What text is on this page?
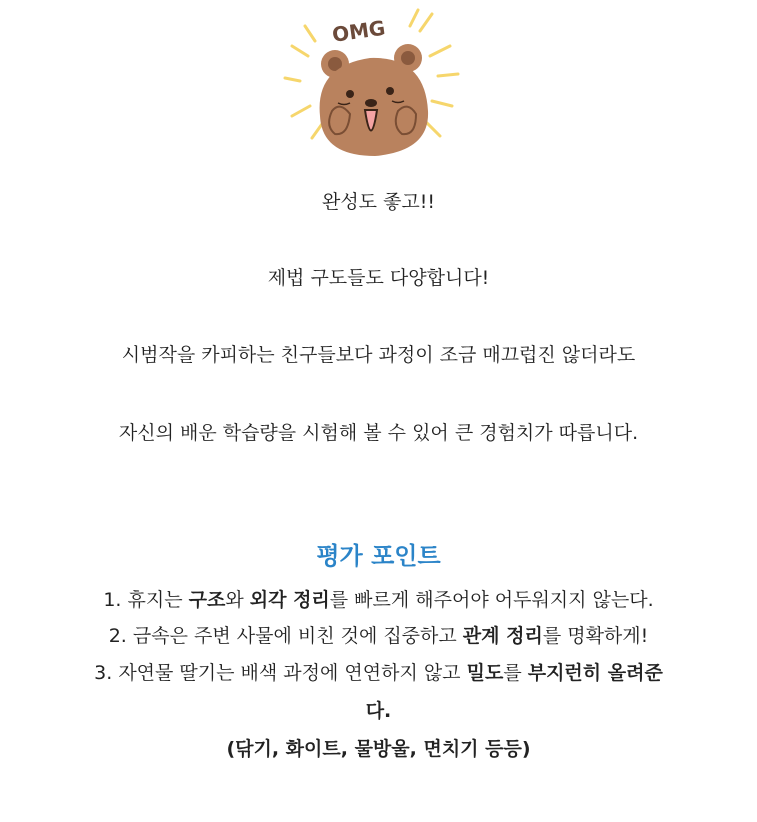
OMG
완성도 좋고!!
제법 구도들도 다양합니다!
시범작을 카피하는 친구들보다 과정이 조금 매끄럽진 않더라도
자신의 배운 학습량을 시험해 볼 수 있어 큰 경험치가 따릅니다.
평가 포인트
1. 휴지는 구조와 외각 정리를 빠르게 해주어야 어두워지지 않는다.
2. 금속은 주변 사물에 비친 것에 집중하고 관계 정리를 명확하게!
3. 자연물 딸기는 배색 과정에 연연하지 않고 밀도를 부지런히 올려준
다.
(닦기, 화이트, 물방울, 면치기 등등)
